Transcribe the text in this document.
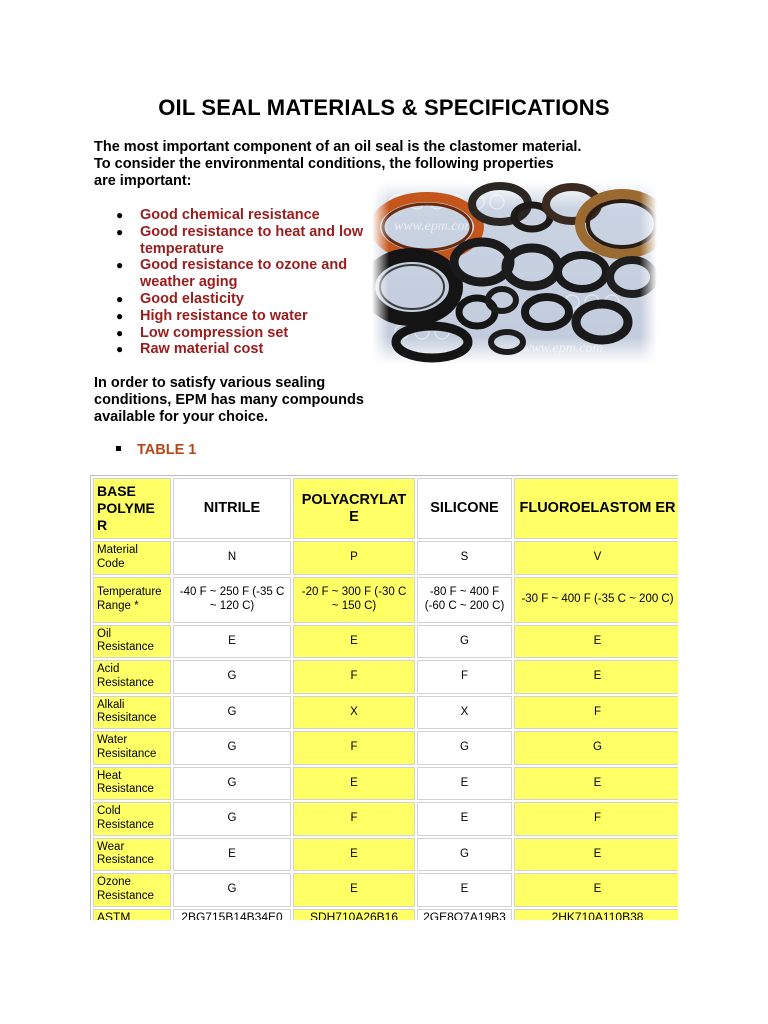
OIL SEAL MATERIALS & SPECIFICATIONS
The most important component of an oil seal is the clastomer material.
To consider the environmental conditions, the following properties
are important:
● Good chemical resistance
● Good resistance to heat and low temperature
● Good resistance to ozone and weather aging
● Good elasticity
● High resistance to water
● Low compression set
● Raw material cost
In order to satisfy various sealing
conditions, EPM has many compounds
available for your choice.
TABLE 1
BASE POLYME R	NITRILE	POLYACRYLAT E	SILICONE	FLUOROELASTOM ER
Material Code	N	P	S	V
Temperature Range *	-40 F ~ 250 F (-35 C ~ 120 C)	-20 F ~ 300 F (-30 C ~ 150 C)	-80 F ~ 400 F (-60 C ~ 200 C)	-30 F ~ 400 F (-35 C ~ 200 C)
Oil Resistance	E	E	G	E
Acid Resistance	G	F	F	E
Alkali Resisitance	G	X	X	F
Water Resisitance	G	F	G	G
Heat Resistance	G	E	E	E
Cold Resistance	G	F	E	F
Wear Resistance	E	E	G	E
Ozone Resistance	G	E	E	E
ASTM	2BG715B14B34E0	SDH710A26B16	2GE8O7A19B3	2HK710A110B38
